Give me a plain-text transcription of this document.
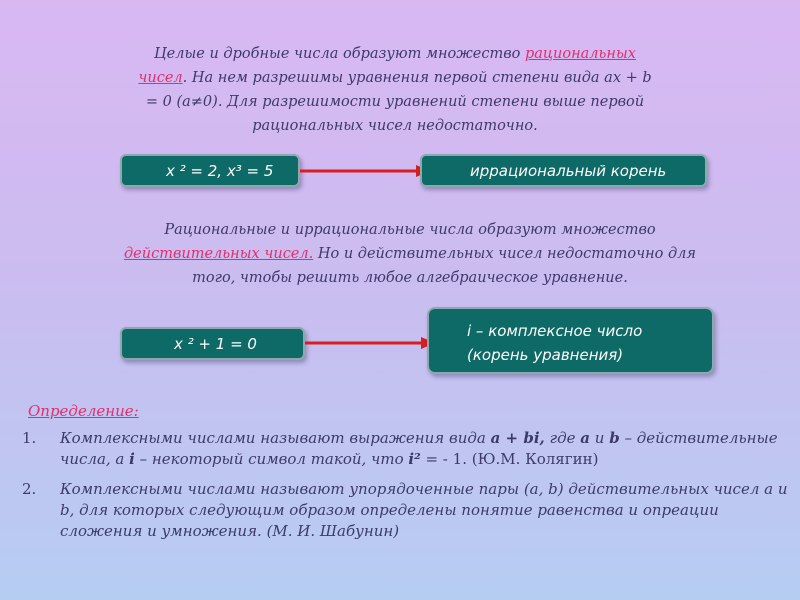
Целые и дробные числа образуют множество рациональных чисел. На нем разрешимы уравнения первой степени вида ах + b = 0 (а≠0). Для разрешимости уравнений степени выше первой рациональных чисел недостаточно.

х ² = 2, х³ = 5	иррациональный корень

Рациональные и иррациональные числа образуют множество действительных чисел. Но и действительных чисел недостаточно для того, чтобы решить любое алгебраическое уравнение.

х ² + 1 = 0
i – комплексное число
(корень уравнения)

Определение:

1. Комплексными числами называют выражения вида a + bi, где a и b – действительные числа, а i – некоторый символ такой, что i² = - 1. (Ю.М. Колягин)
2. Комплексными числами называют упорядоченные пары (a, b) действительных чисел a и b, для которых следующим образом определены понятие равенства и опреации сложения и умножения. (М. И. Шабунин)
